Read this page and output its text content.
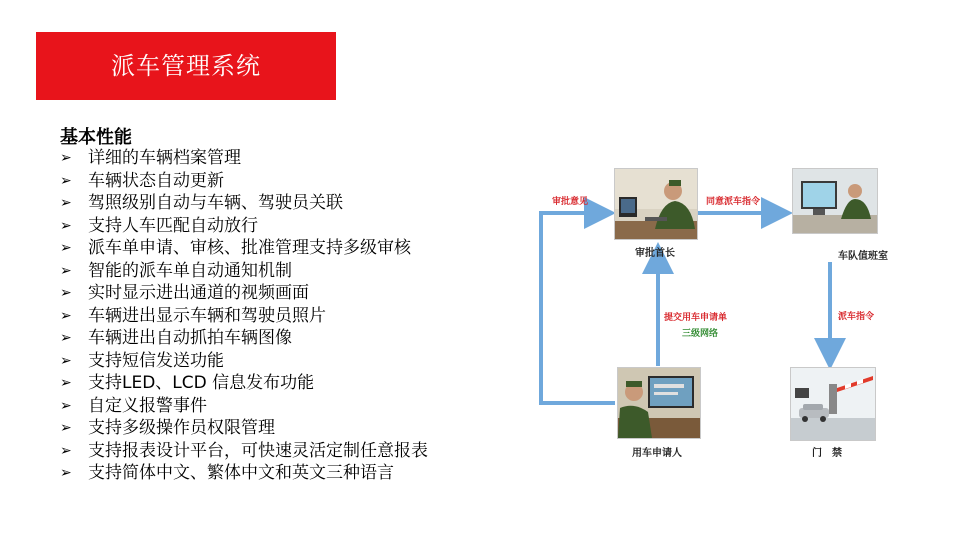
派车管理系统
基本性能
➢ 详细的车辆档案管理
➢ 车辆状态自动更新
➢ 驾照级别自动与车辆、驾驶员关联
➢ 支持人车匹配自动放行
➢ 派车单申请、审核、批准管理支持多级审核
➢ 智能的派车单自动通知机制
➢ 实时显示进出通道的视频画面
➢ 车辆进出显示车辆和驾驶员照片
➢ 车辆进出自动抓拍车辆图像
➢ 支持短信发送功能
➢ 支持LED、LCD 信息发布功能
➢ 自定义报警事件
➢ 支持多级操作员权限管理
➢ 支持报表设计平台，可快速灵活定制任意报表
➢ 支持简体中文、繁体中文和英文三种语言
审批意见	同意派车指令
提交用车申请单
三级网络
派车指令
审批首长	车队值班室
用车申请人	门　禁
